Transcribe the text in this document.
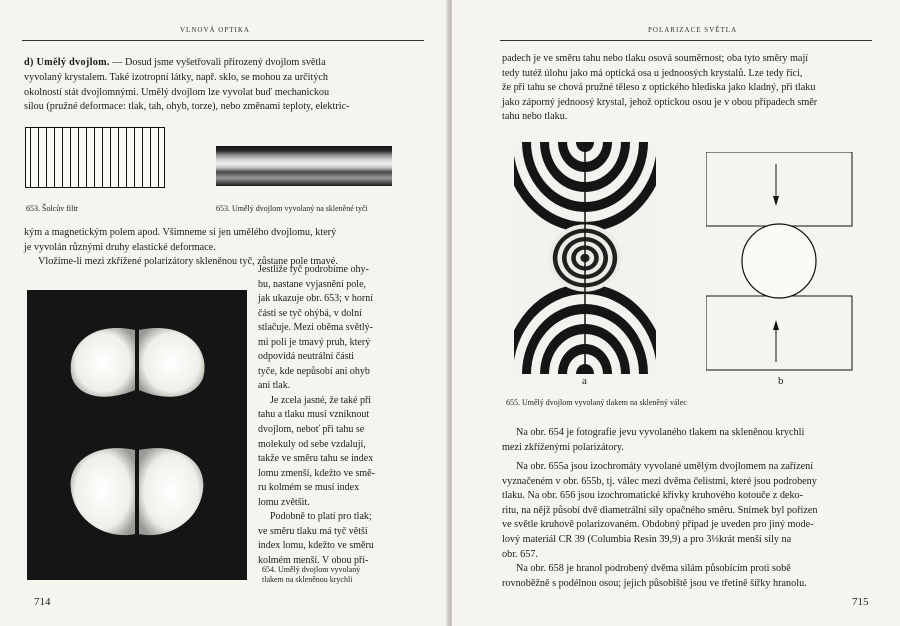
VLNOVÁ OPTIKA
d) Umělý dvojlom. — Dosud jsme vyšetřovali přirozený dvojlom světla
vyvolaný krystalem. Také izotropní látky, např. sklo, se mohou za určitých
okolností stát dvojlomnými. Umělý dvojlom lze vyvolat buď mechanickou
silou (pružné deformace: tlak, tah, ohyb, torze), nebo změnami teploty, elektric-
653. Šolcův filtr	653. Umělý dvojlom vyvolaný na skleněné tyči
kým a magnetickým polem apod. Všimneme si jen umělého dvojlomu, který
je vyvolán různými druhy elastické deformace.
Vložíme-li mezi zkřížené polarizátory skleněnou tyč, zůstane pole tmavé.
Jestliže tyč podrobíme ohy-
bu, nastane vyjasnění pole,
jak ukazuje obr. 653; v horní
části se tyč ohýbá, v dolní
stlačuje. Mezi oběma světlý-
mi poli je tmavý pruh, který
odpovídá neutrální části
tyče, kde nepůsobí ani ohyb
ani tlak.
Je zcela jasné, že také při
tahu a tlaku musí vzniknout
dvojlom, neboť při tahu se
molekuly od sebe vzdalují,
takže ve směru tahu se index
lomu zmenší, kdežto ve smě-
ru kolmém se musí index
lomu zvětšit.
Podobně to platí pro tlak;
ve směru tlaku má tyč větší
index lomu, kdežto ve směru
kolmém menší. V obou pří-
654. Umělý dvojlom vyvolaný
tlakem na skleněnou krychli
714
POLARIZACE SVĚTLA
padech je ve směru tahu nebo tlaku osová souměrnost; oba tyto směry mají
tedy tutéž úlohu jako má optická osa u jednoosých krystalů. Lze tedy říci,
že při tahu se chová pružné těleso z optického hlediska jako kladný, při tlaku
jako záporný jednoosý krystal, jehož optickou osou je v obou případech směr
tahu nebo tlaku.
a	b
655. Umělý dvojlom vyvolaný tlakem na skleněný válec
Na obr. 654 je fotografie jevu vyvolaného tlakem na skleněnou krychli
mezi zkříženými polarizátory.
Na obr. 655a jsou izochromáty vyvolané umělým dvojlomem na zařízení
vyznačeném v obr. 655b, tj. válec mezi dvěma čelistmi, které jsou podrobeny
tlaku. Na obr. 656 jsou izochromatické křivky kruhového kotouče z deko-
ritu, na nějž působí dvě diametrální síly opačného směru. Snímek byl pořízen
ve světle kruhově polarizovaném. Obdobný případ je uveden pro jiný mode-
lový materiál CR 39 (Columbia Resin 39,9) a pro 3⅓krát menší síly na
obr. 657.
Na obr. 658 je hranol podrobený dvěma silám působícím proti sobě
rovnoběžně s podélnou osou; jejich působiště jsou ve třetině šířky hranolu.
715
